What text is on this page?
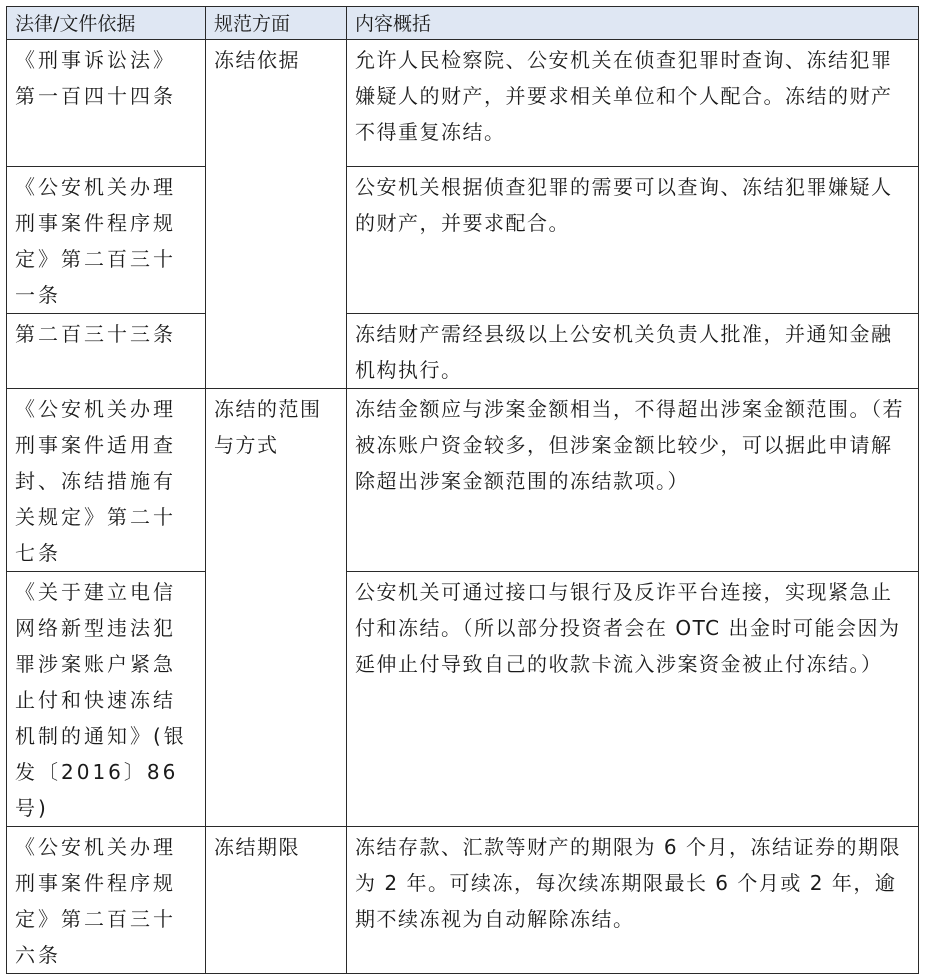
法律/文件依据	规范方面	内容概括
《刑事诉讼法》第一百四十四条	冻结依据	允许人民检察院、公安机关在侦查犯罪时查询、冻结犯罪嫌疑人的财产，并要求相关单位和个人配合。冻结的财产不得重复冻结。
《公安机关办理刑事案件程序规定》第二百三十一条		公安机关根据侦查犯罪的需要可以查询、冻结犯罪嫌疑人的财产，并要求配合。
第二百三十三条		冻结财产需经县级以上公安机关负责人批准，并通知金融机构执行。
《公安机关办理刑事案件适用查封、冻结措施有关规定》第二十七条	冻结的范围与方式	冻结金额应与涉案金额相当，不得超出涉案金额范围。（若被冻账户资金较多，但涉案金额比较少，可以据此申请解除超出涉案金额范围的冻结款项。）
《关于建立电信网络新型违法犯罪涉案账户紧急止付和快速冻结机制的通知》(银发〔2016〕86号)		公安机关可通过接口与银行及反诈平台连接，实现紧急止付和冻结。（所以部分投资者会在 OTC 出金时可能会因为延伸止付导致自己的收款卡流入涉案资金被止付冻结。）
《公安机关办理刑事案件程序规定》第二百三十六条	冻结期限	冻结存款、汇款等财产的期限为 6 个月，冻结证券的期限为 2 年。可续冻，每次续冻期限最长 6 个月或 2 年，逾期不续冻视为自动解除冻结。
